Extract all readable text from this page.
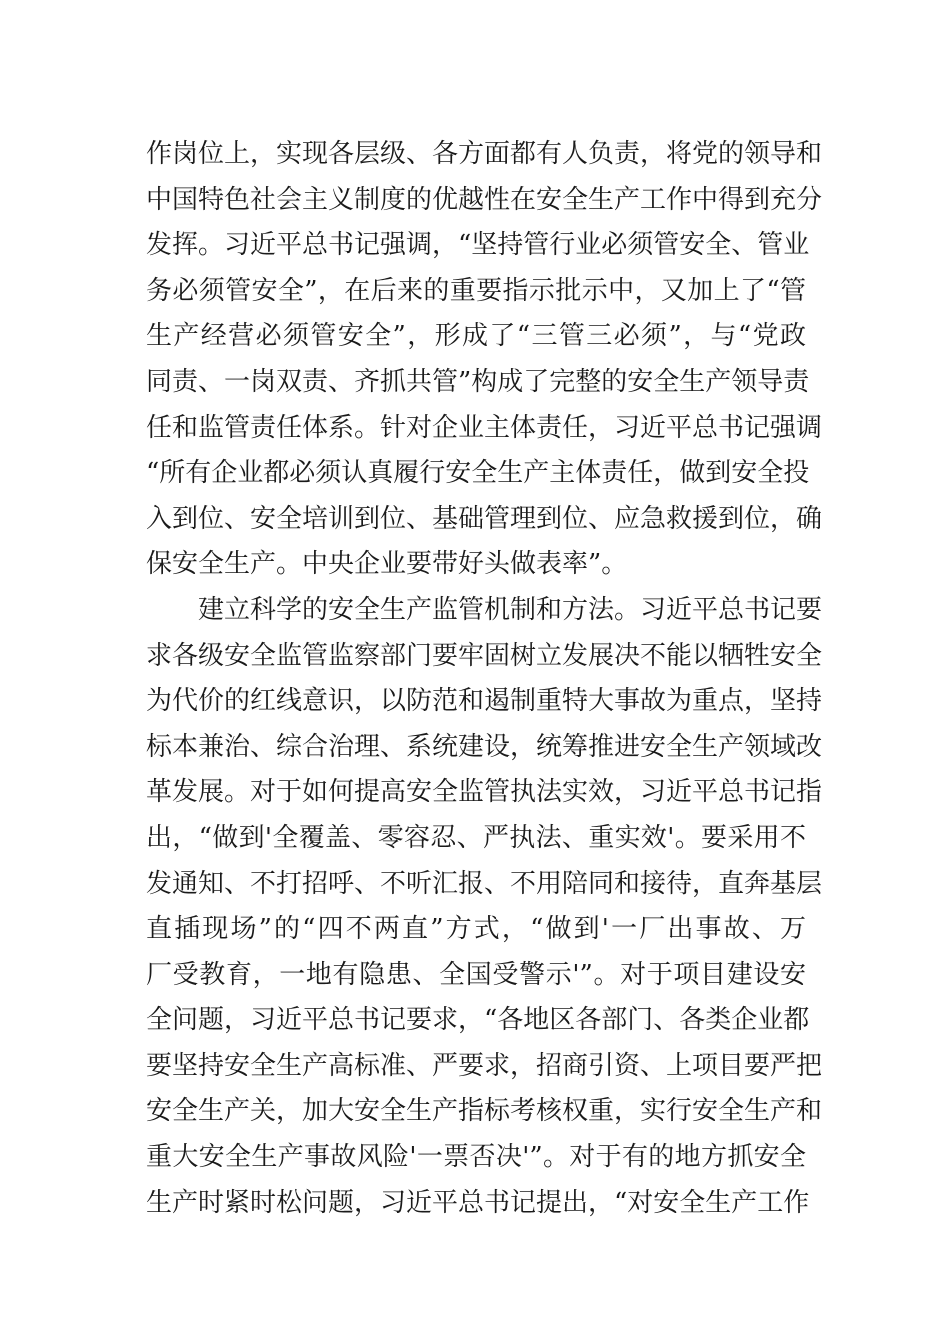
作岗位上，实现各层级、各方面都有人负责，将党的领导和
中国特色社会主义制度的优越性在安全生产工作中得到充分
发挥。习近平总书记强调，“坚持管行业必须管安全、管业
务必须管安全”，在后来的重要指示批示中，又加上了“管
生产经营必须管安全”，形成了“三管三必须”，与“党政
同责、一岗双责、齐抓共管”构成了完整的安全生产领导责
任和监管责任体系。针对企业主体责任，习近平总书记强调
“所有企业都必须认真履行安全生产主体责任，做到安全投
入到位、安全培训到位、基础管理到位、应急救援到位，确
保安全生产。中央企业要带好头做表率”。
建立科学的安全生产监管机制和方法。习近平总书记要
求各级安全监管监察部门要牢固树立发展决不能以牺牲安全
为代价的红线意识，以防范和遏制重特大事故为重点，坚持
标本兼治、综合治理、系统建设，统筹推进安全生产领域改
革发展。对于如何提高安全监管执法实效，习近平总书记指
出，“做到'全覆盖、零容忍、严执法、重实效'。要采用不
发通知、不打招呼、不听汇报、不用陪同和接待，直奔基层
直插现场”的“四不两直”方式，“做到'一厂出事故、万
厂受教育，一地有隐患、全国受警示'”。对于项目建设安
全问题，习近平总书记要求，“各地区各部门、各类企业都
要坚持安全生产高标准、严要求，招商引资、上项目要严把
安全生产关，加大安全生产指标考核权重，实行安全生产和
重大安全生产事故风险'一票否决'”。对于有的地方抓安全
生产时紧时松问题，习近平总书记提出，“对安全生产工作
